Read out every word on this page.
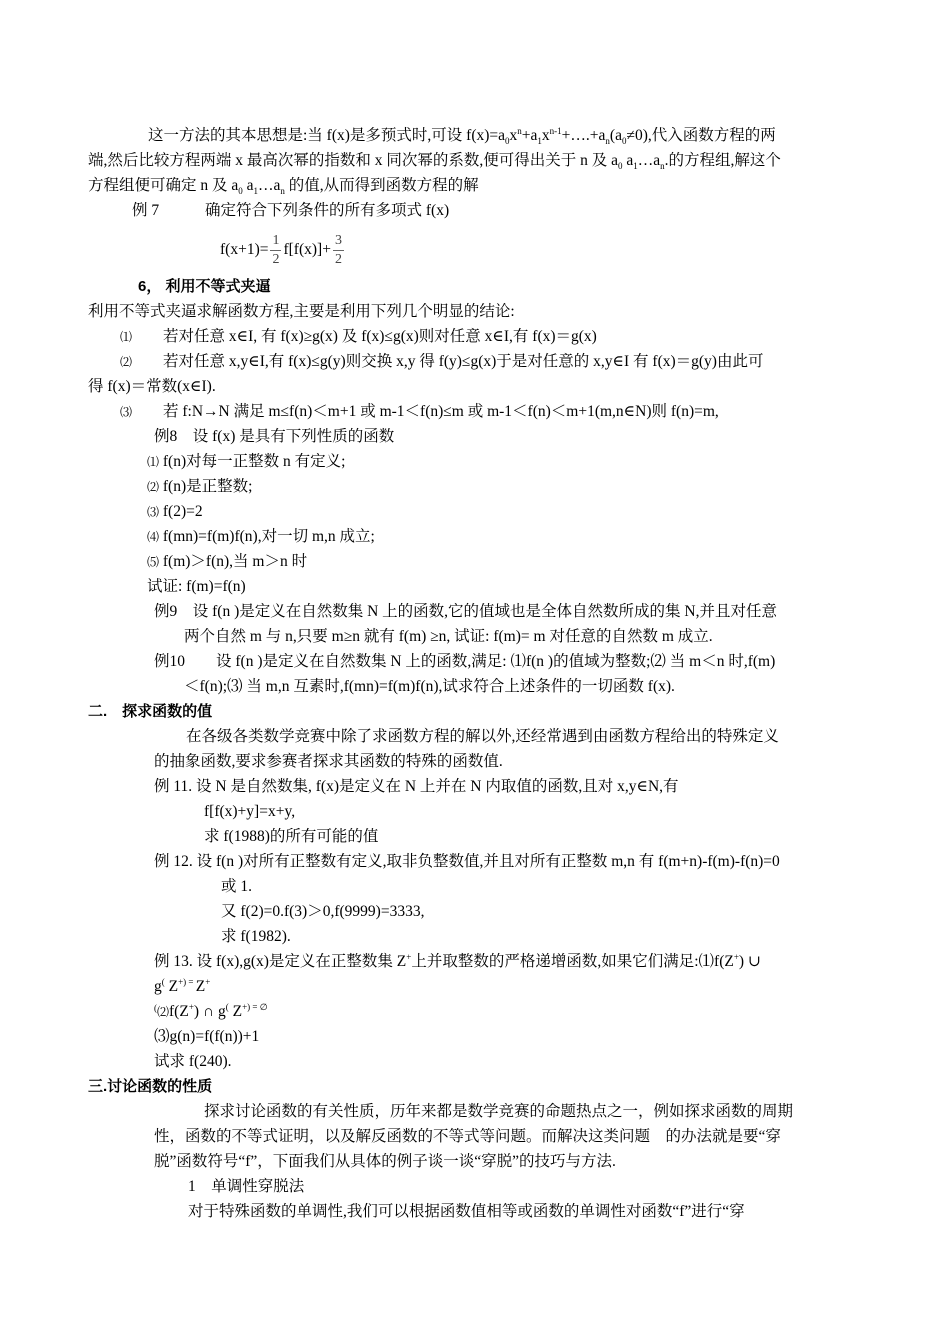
这一方法的其本思想是:当 f(x)是多预式时,可设 $f(x)=a_0x^n+a_1x^{n-1}+\dots.+a_n(a_0\ne 0)$,代入函数方程的两
端,然后比较方程两端 x 最高次幂的指数和 x 同次幂的系数,便可得出关于 n 及 $a_0$ $a_1\dots a_n$.的方程组,解这个
方程组便可确定 n 及 $a_0$ $a_1\dots a_n$ 的值,从而得到函数方程的解
例 7	确定符合下列条件的所有多项式 f(x)
$f(x+1)= \frac{1}{2} f[f(x)]+ \frac{3}{2}$
6， 利用不等式夹逼
利用不等式夹逼求解函数方程,主要是利用下列几个明显的结论:
⑴ 若对任意 x∈I, 有 f(x)≥g(x) 及 f(x)≤g(x)则对任意 x∈I,有 f(x)＝g(x)
⑵ 若对任意 x,y∈I,有 f(x)≤g(y)则交换 x,y 得 f(y)≤g(x)于是对任意的 x,y∈I 有 f(x)＝g(y)由此可
得 f(x)＝常数(x∈I).
⑶ 若 f:N→N 满足 m≤f(n)＜m+1 或 m-1＜f(n)≤m 或 m-1＜f(n)＜m+1(m,n∈N)则 f(n)=m,
例8　设 f(x) 是具有下列性质的函数
⑴ f(n)对每一正整数 n 有定义;
⑵ f(n)是正整数;
⑶ f(2)=2
⑷ f(mn)=f(m)f(n),对一切 m,n 成立;
⑸ f(m)＞f(n),当 m＞n 时
试证: f(m)=f(n)
例9　设 f(n )是定义在自然数集 N 上的函数,它的值域也是全体自然数所成的集 N,并且对任意
两个自然 m 与 n,只要 m≥n 就有 f(m) ≥n, 试证: f(m)= m 对任意的自然数 m 成立.
例10　　设 f(n )是定义在自然数集 N 上的函数,满足: ⑴f(n )的值域为整数;⑵ 当 m＜n 时,f(m)
＜f(n);⑶ 当 m,n 互素时,f(mn)=f(m)f(n),试求符合上述条件的一切函数 f(x).
二.　探求函数的值
在各级各类数学竞赛中除了求函数方程的解以外,还经常遇到由函数方程给出的特殊定义
的抽象函数,要求参赛者探求其函数的特殊的函数值.
例 11. 设 N 是自然数集, f(x)是定义在 N 上并在 N 内取值的函数,且对 x,y∈N,有
f[f(x)+y]=x+y,
求 f(1988)的所有可能的值
例 12. 设 f(n )对所有正整数有定义,取非负整数值,并且对所有正整数 m,n 有 f(m+n)-f(m)-f(n)=0
或 1.
又 f(2)=0.f(3)＞0,f(9999)=3333,
求 f(1982).
例 13. 设 f(x),g(x)是定义在正整数集 Z+上并取整数的严格递增函数,如果它们满足:⑴f(Z+) ∪
g( Z+) = Z+
(⑵f(Z+) ∩ g( Z+) = ∅
⑶g(n)=f(f(n))+1
试求 f(240).
三.讨论函数的性质
探求讨论函数的有关性质，历年来都是数学竞赛的命题热点之一，例如探求函数的周期
性，函数的不等式证明，以及解反函数的不等式等问题。而解决这类问题　的办法就是要“穿
脱”函数符号“f”，下面我们从具体的例子谈一谈“穿脱”的技巧与方法.
1　单调性穿脱法
对于特殊函数的单调性,我们可以根据函数值相等或函数的单调性对函数“f”进行“穿
